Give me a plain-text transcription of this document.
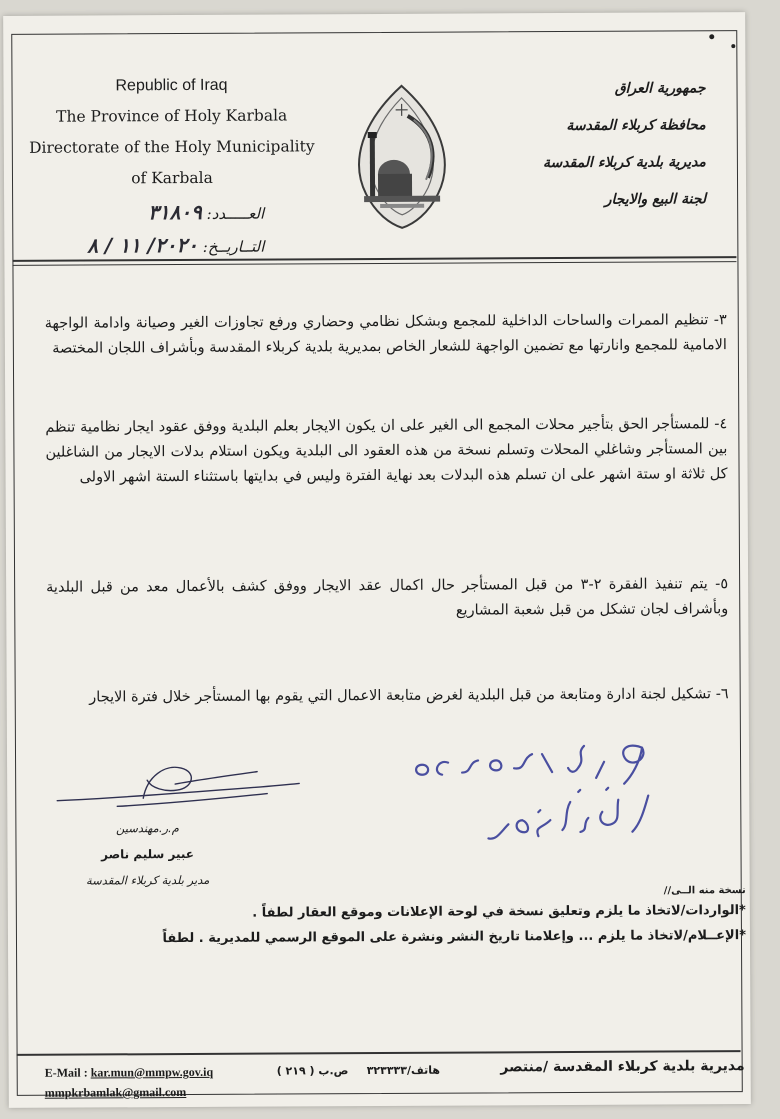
Republic of Iraq
The Province of Holy Karbala
Directorate of the Holy Municipality
of Karbala
جمهورية العراق
محافظة كربلاء المقدسة
مديرية بلدية كربلاء المقدسة
لجنة البيع والايجار
العـــــدد: ٣١٨٠٩
التــاريــخ: ٢٠٢٠/ ١١ / ٨

٣- تنظيم الممرات والساحات الداخلية للمجمع وبشكل نظامي وحضاري ورفع تجاوزات الغير وصيانة وادامة الواجهة الامامية للمجمع وانارتها مع تضمين الواجهة للشعار الخاص بمديرية بلدية كربلاء المقدسة وبأشراف اللجان المختصة

٤- للمستأجر الحق بتأجير محلات المجمع الى الغير على ان يكون الايجار بعلم البلدية ووفق عقود ايجار نظامية تنظم بين المستأجر وشاغلي المحلات وتسلم نسخة من هذه العقود الى البلدية ويكون استلام بدلات الايجار من الشاغلين كل ثلاثة او ستة اشهر على ان تسلم هذه البدلات بعد نهاية الفترة وليس في بدايتها باستثناء الستة اشهر الاولى

٥- يتم تنفيذ الفقرة ٢-٣ من قبل المستأجر حال اكمال عقد الايجار ووفق كشف بالأعمال معد من قبل البلدية وبأشراف لجان تشكل من قبل شعبة المشاريع

٦- تشكيل لجنة ادارة ومتابعة من قبل البلدية لغرض متابعة الاعمال التي يقوم بها المستأجر خلال فترة الايجار

م.ر.مهندسين
عبير سليم ناصر
مدير بلدية كربلاء المقدسة
نسخة منه الــى//
*الواردات/لاتخاذ ما يلزم وتعليق نسخة في لوحة الإعلانات وموقع العقار لطفاً .
*الإعــلام/لاتخاذ ما يلزم ... وإعلامنا تاريخ النشر ونشرة على الموقع الرسمي للمديرية . لطفاً
E-Mail : kar.mun@mmpw.gov.iq	ص.ب ( ٢١٩ ) هاتف/٣٢٣٣٣٣	مديرية بلدية كربلاء المقدسة /منتصر
mmpkrbamlak@gmail.com
